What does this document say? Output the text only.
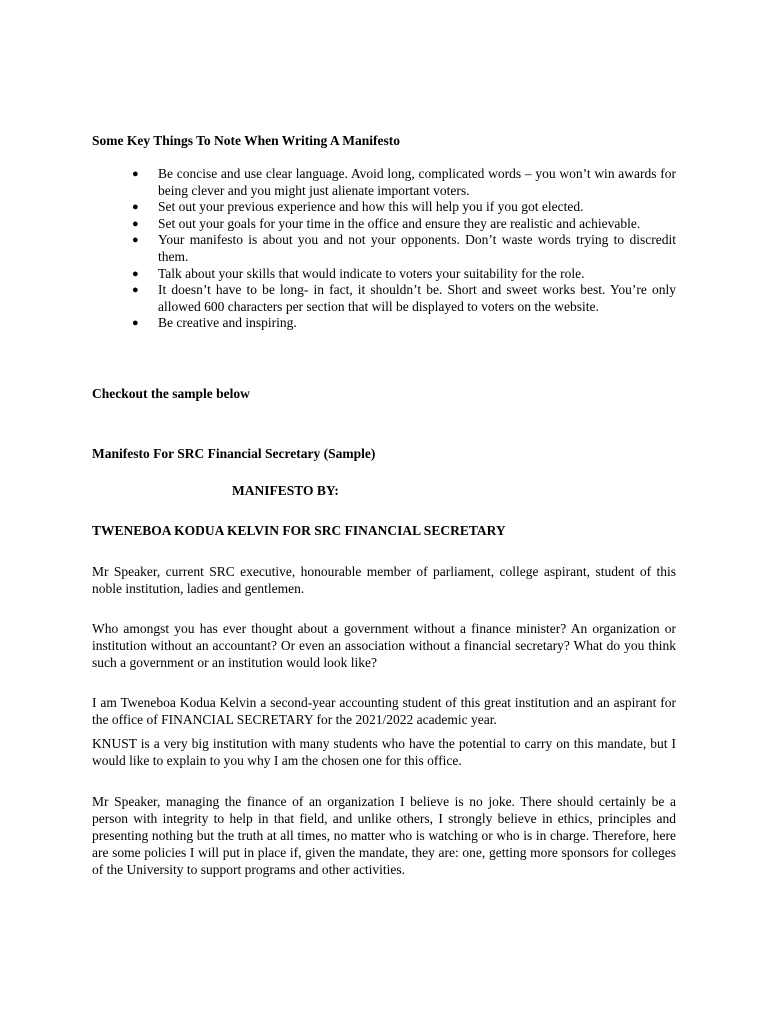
Some Key Things To Note When Writing A Manifesto
● Be concise and use clear language. Avoid long, complicated words – you won’t win awards for being clever and you might just alienate important voters.
● Set out your previous experience and how this will help you if you got elected.
● Set out your goals for your time in the office and ensure they are realistic and achievable.
● Your manifesto is about you and not your opponents. Don’t waste words trying to discredit them.
● Talk about your skills that would indicate to voters your suitability for the role.
● It doesn’t have to be long- in fact, it shouldn’t be. Short and sweet works best. You’re only allowed 600 characters per section that will be displayed to voters on the website.
● Be creative and inspiring.
Checkout the sample below
Manifesto For SRC Financial Secretary (Sample)
MANIFESTO BY:
TWENEBOA KODUA KELVIN FOR SRC FINANCIAL SECRETARY

Mr Speaker, current SRC executive, honourable member of parliament, college aspirant, student of this noble institution, ladies and gentlemen.

Who amongst you has ever thought about a government without a finance minister? An organization or institution without an accountant? Or even an association without a financial secretary? What do you think such a government or an institution would look like?

I am Tweneboa Kodua Kelvin a second-year accounting student of this great institution and an aspirant for the office of FINANCIAL SECRETARY for the 2021/2022 academic year.

KNUST is a very big institution with many students who have the potential to carry on this mandate, but I would like to explain to you why I am the chosen one for this office.

Mr Speaker, managing the finance of an organization I believe is no joke. There should certainly be a person with integrity to help in that field, and unlike others, I strongly believe in ethics, principles and presenting nothing but the truth at all times, no matter who is watching or who is in charge. Therefore, here are some policies I will put in place if, given the mandate, they are: one, getting more sponsors for colleges of the University to support programs and other activities.
